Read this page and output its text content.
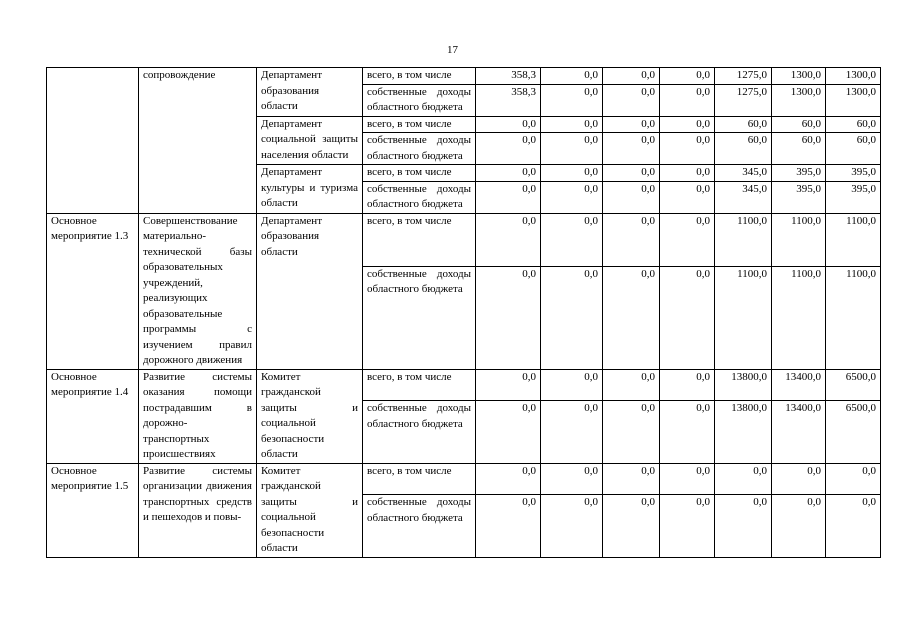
17
	сопровождение	Департамент образования области	всего, в том числе	358,3	0,0	0,0	0,0	1275,0	1300,0	1300,0
			собственные доходы областного бюджета	358,3	0,0	0,0	0,0	1275,0	1300,0	1300,0
		Департамент социальной защиты населения области	всего, в том числе	0,0	0,0	0,0	0,0	60,0	60,0	60,0
			собственные доходы областного бюджета	0,0	0,0	0,0	0,0	60,0	60,0	60,0
		Департамент культуры и туризма области	всего, в том числе	0,0	0,0	0,0	0,0	345,0	395,0	395,0
			собственные доходы областного бюджета	0,0	0,0	0,0	0,0	345,0	395,0	395,0
Основное мероприятие 1.3	Совершенствование материально-технической базы образовательных учреждений, реализующих образовательные программы с изучением правил дорожного движения	Департамент образования области	всего, в том числе	0,0	0,0	0,0	0,0	1100,0	1100,0	1100,0
			собственные доходы областного бюджета	0,0	0,0	0,0	0,0	1100,0	1100,0	1100,0
Основное мероприятие 1.4	Развитие системы оказания помощи пострадавшим в дорожно-транспортных происшествиях	Комитет гражданской защиты и социальной безопасности области	всего, в том числе	0,0	0,0	0,0	0,0	13800,0	13400,0	6500,0
			собственные доходы областного бюджета	0,0	0,0	0,0	0,0	13800,0	13400,0	6500,0
Основное мероприятие 1.5	Развитие системы организации движения транспортных средств и пешеходов и повы-	Комитет гражданской защиты и социальной безопасности области	всего, в том числе	0,0	0,0	0,0	0,0	0,0	0,0	0,0
			собственные доходы областного бюджета	0,0	0,0	0,0	0,0	0,0	0,0	0,0
